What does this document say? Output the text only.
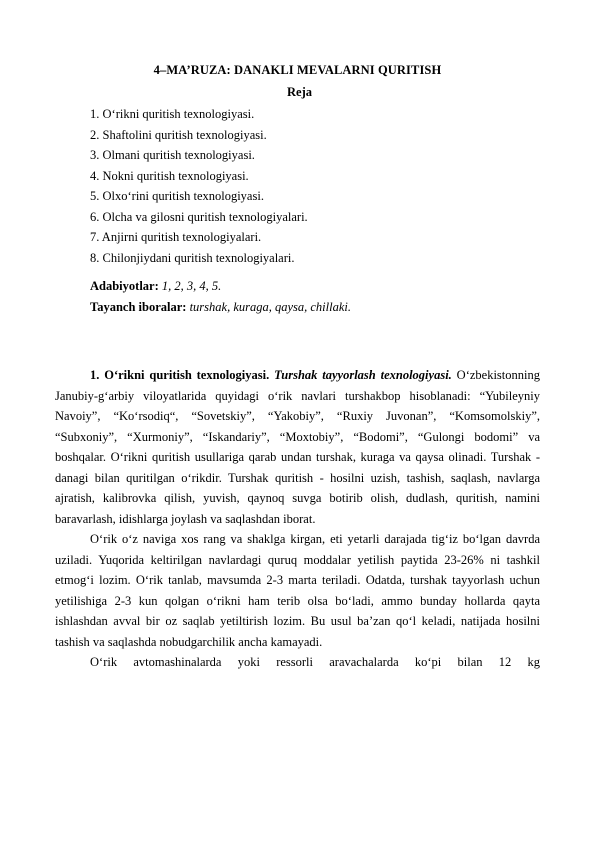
4–MA’RUZA: DANAKLI MEVALARNI QURITISH
Reja
1. O‘rikni quritish texnologiyasi.
2. Shaftolini quritish texnologiyasi.
3. Olmani quritish texnologiyasi.
4. Nokni quritish texnologiyasi.
5. Olxo‘rini quritish texnologiyasi.
6. Olcha va gilosni quritish texnologiyalari.
7. Anjirni quritish texnologiyalari.
8. Chilonjiydani quritish texnologiyalari.
Adabiyotlar: 1, 2, 3, 4, 5.
Tayanch iboralar: turshak, kuraga, qaysa, chillaki.

1. O‘rikni quritish texnologiyasi. Turshak tayyorlash texnologiyasi. O‘zbekistonning Janubiy-g‘arbiy viloyatlarida quyidagi o‘rik navlari turshakbop hisoblanadi: “Yubileyniy Navoiy”, “Ko‘rsodiq“, “Sovetskiy”, “Yakobiy”, “Ruxiy Juvonan”, “Komsomolskiy”, “Subxoniy”, “Xurmoniy”, “Iskandariy”, “Moxtobiy”, “Bodomi”, “Gulongi bodomi” va boshqalar. O‘rikni quritish usullariga qarab undan turshak, kuraga va qaysa olinadi. Turshak - danagi bilan quritilgan o‘rikdir. Turshak quritish - hosilni uzish, tashish, saqlash, navlarga ajratish, kalibrovka qilish, yuvish, qaynoq suvga botirib olish, dudlash, quritish, namini baravarlash, idishlarga joylash va saqlashdan iborat.

O‘rik o‘z naviga xos rang va shaklga kirgan, eti yetarli darajada tig‘iz bo‘lgan davrda uziladi. Yuqorida keltirilgan navlardagi quruq moddalar yetilish paytida 23-26% ni tashkil etmog‘i lozim. O‘rik tanlab, mavsumda 2-3 marta teriladi. Odatda, turshak tayyorlash uchun yetilishiga 2-3 kun qolgan o‘rikni ham terib olsa bo‘ladi, ammo bunday hollarda qayta ishlashdan avval bir oz saqlab yetiltirish lozim. Bu usul ba’zan qo‘l keladi, natijada hosilni tashish va saqlashda nobudgarchilik ancha kamayadi.

O‘rik avtomashinalarda yoki ressorli aravachalarda ko‘pi bilan 12 kg
